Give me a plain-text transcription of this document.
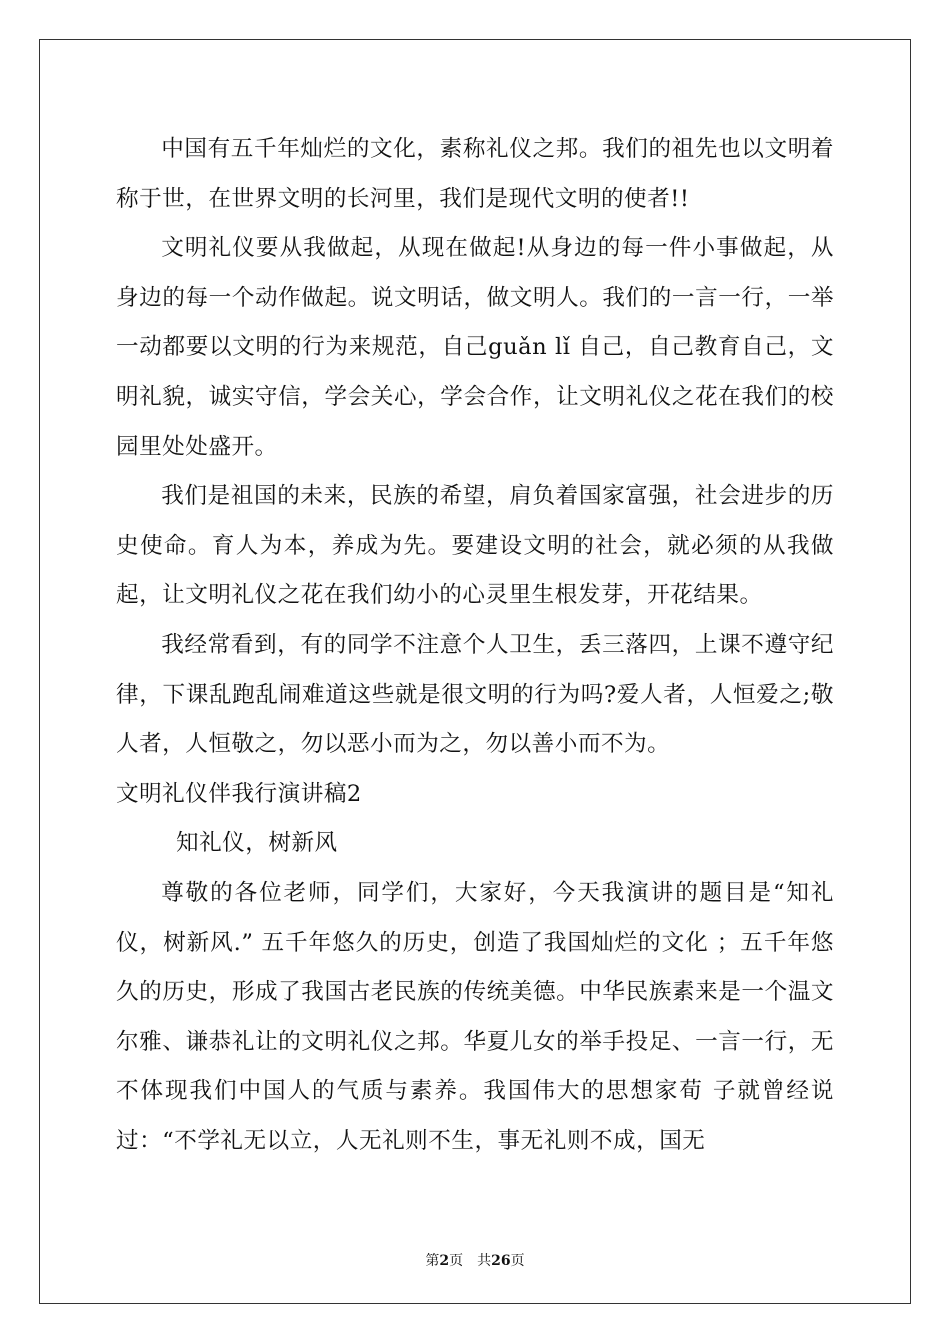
中国有五千年灿烂的文化，素称礼仪之邦。我们的祖先也以文明着称于世，在世界文明的长河里，我们是现代文明的使者!!

文明礼仪要从我做起，从现在做起!从身边的每一件小事做起，从身边的每一个动作做起。说文明话，做文明人。我们的一言一行，一举一动都要以文明的行为来规范，自己guǎn lǐ 自己，自己教育自己，文明礼貌，诚实守信，学会关心，学会合作，让文明礼仪之花在我们的校园里处处盛开。

我们是祖国的未来，民族的希望，肩负着国家富强，社会进步的历史使命。育人为本，养成为先。要建设文明的社会，就必须的从我做起，让文明礼仪之花在我们幼小的心灵里生根发芽，开花结果。

我经常看到，有的同学不注意个人卫生，丢三落四，上课不遵守纪律，下课乱跑乱闹难道这些就是很文明的行为吗?爱人者，人恒爱之;敬人者，人恒敬之，勿以恶小而为之，勿以善小而不为。

文明礼仪伴我行演讲稿2

知礼仪，树新风

尊敬的各位老师，同学们，大家好，今天我演讲的题目是“知礼仪，树新风.” 五千年悠久的历史，创造了我国灿烂的文化 ；五千年悠久的历史，形成了我国古老民族的传统美德。中华民族素来是一个温文尔雅、谦恭礼让的文明礼仪之邦。华夏儿女的举手投足、一言一行，无不体现我们中国人的气质与素养。我国伟大的思想家荀 子就曾经说过：“不学礼无以立，人无礼则不生，事无礼则不成，国无

第2页　共26页
